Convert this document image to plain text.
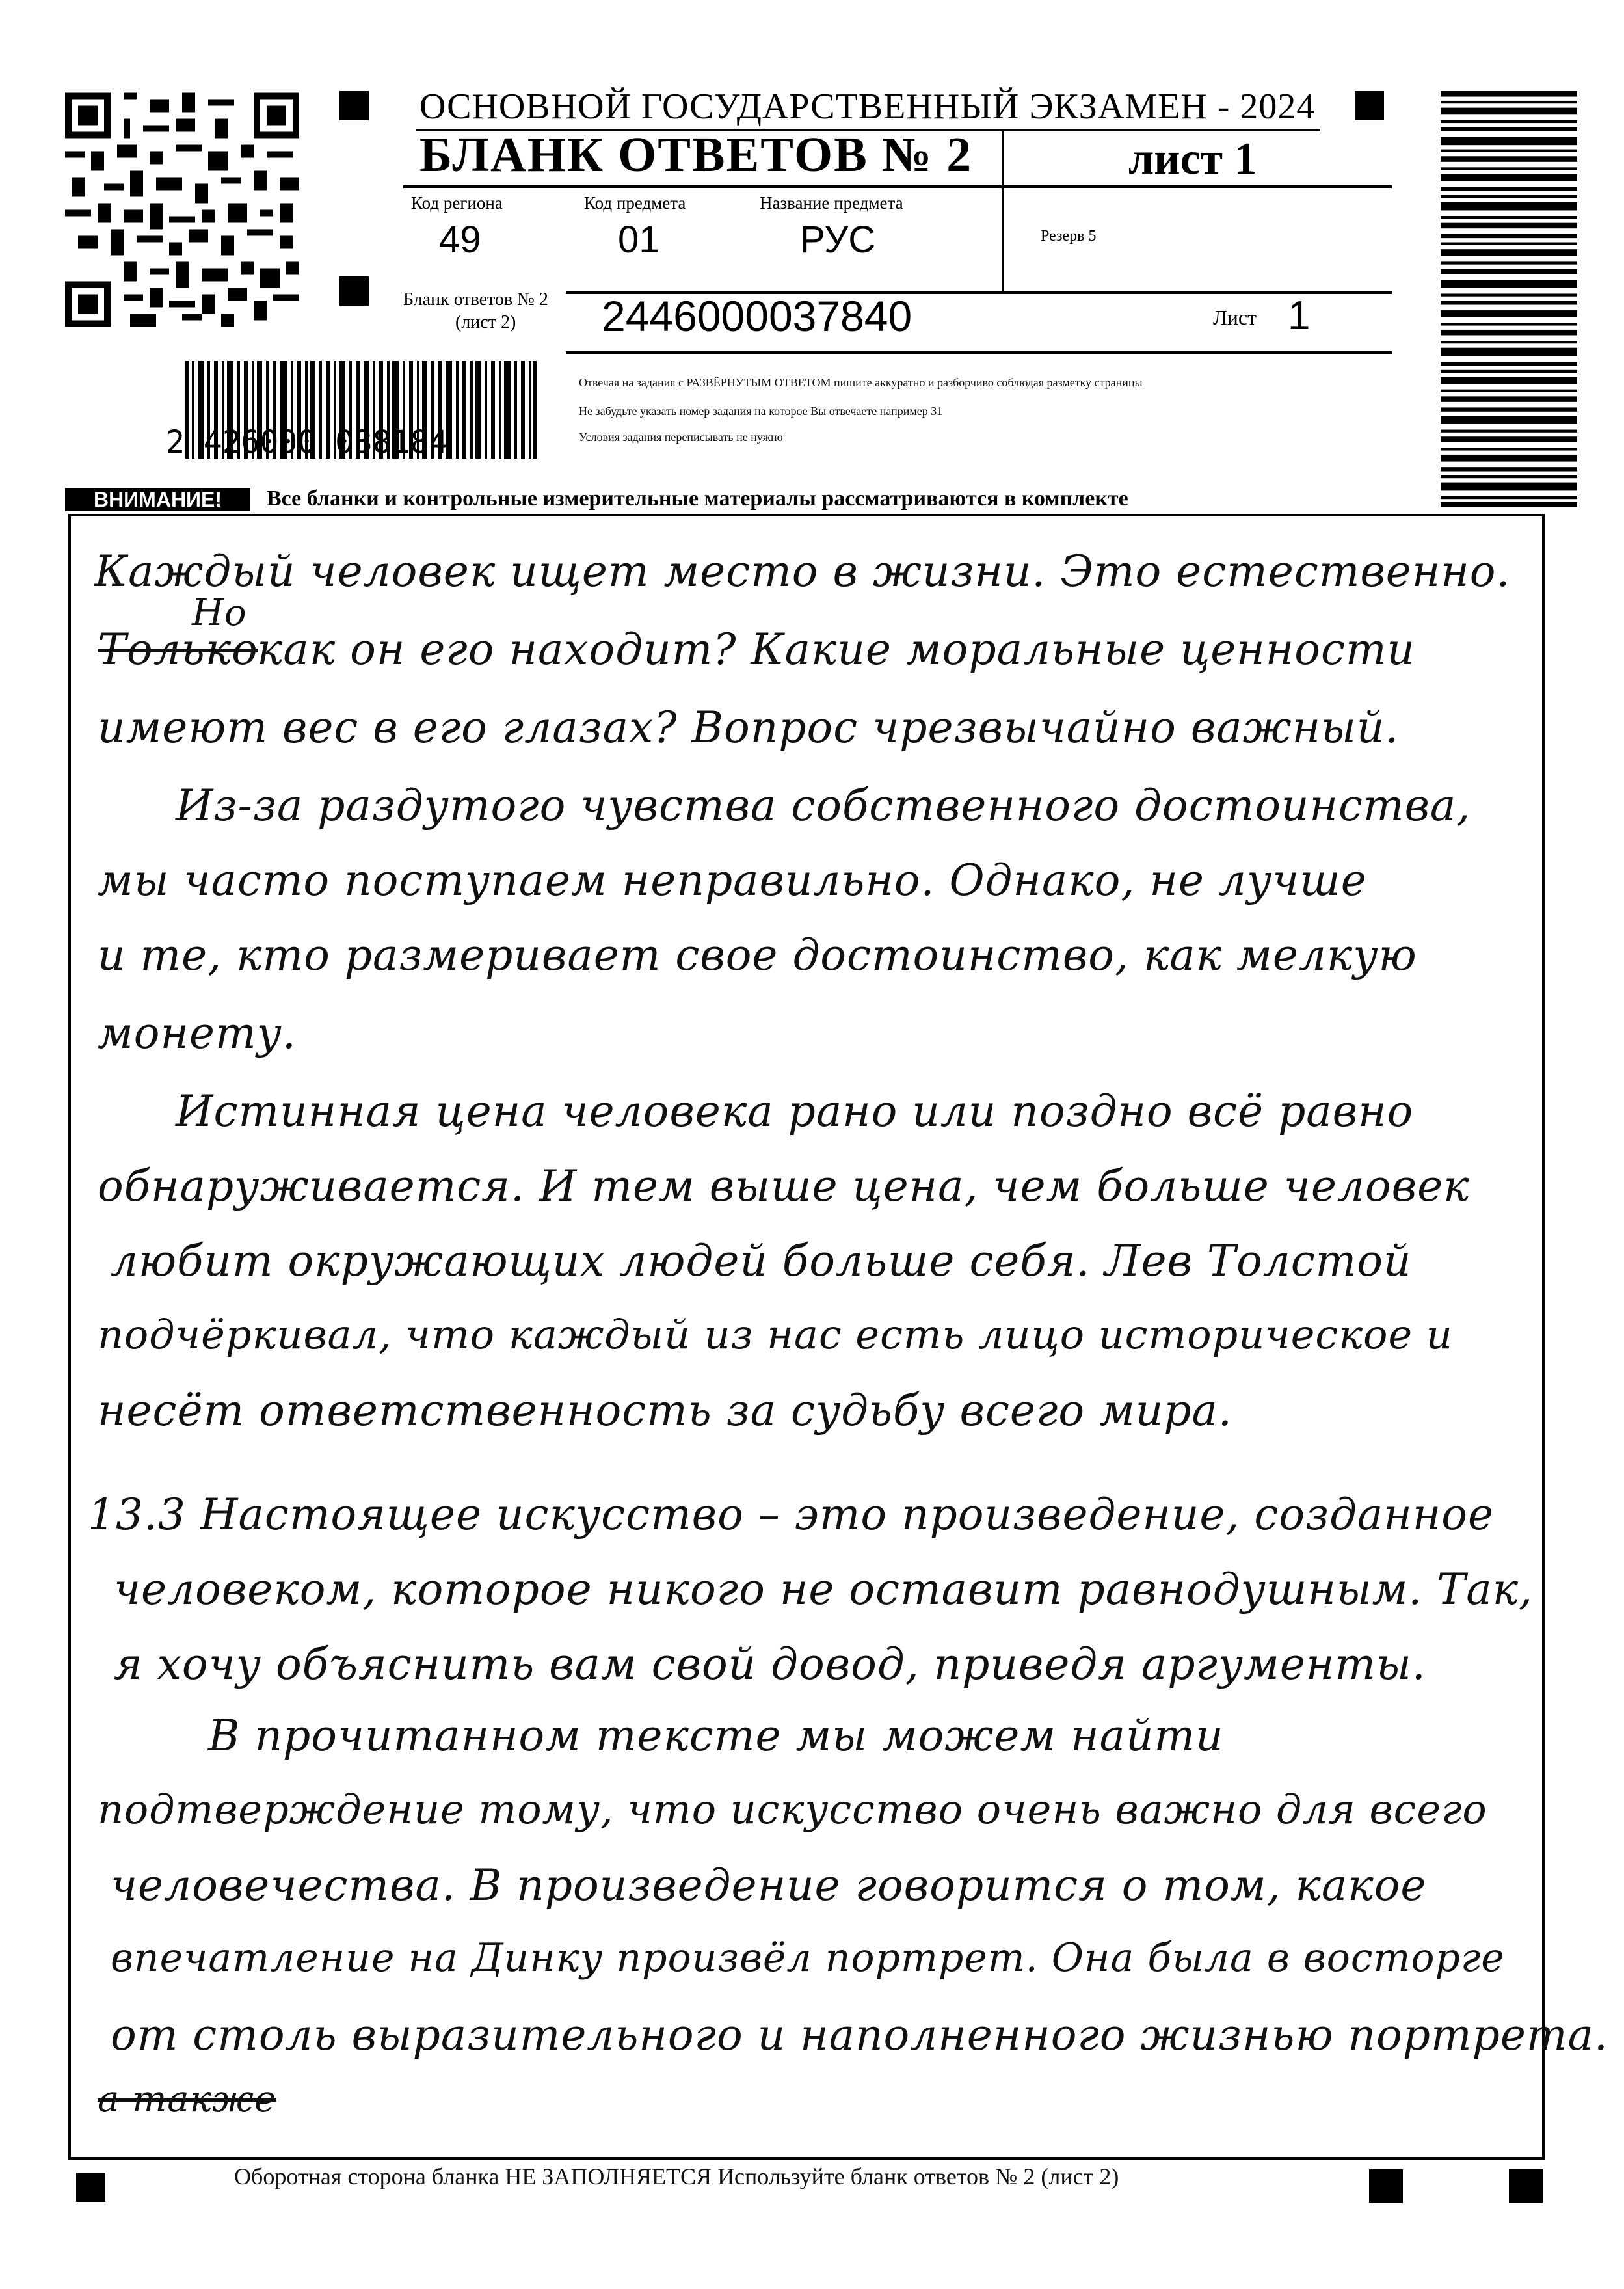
2 426000 038184
ОСНОВНОЙ ГОСУДАРСТВЕННЫЙ ЭКЗАМЕН - 2024
БЛАНК ОТВЕТОВ № 2	лист 1
Код региона	Код предмета	Название предмета
49	01	РУС	Резерв 5
Бланк ответов № 2
(лист 2) 2446000037840	Лист 1
Отвечая на задания с РАЗВЁРНУТЫМ ОТВЕТОМ пишите аккуратно и разборчиво соблюдая разметку страницы
Не забудьте указать номер задания на которое Вы отвечаете например 31
Условия задания переписывать не нужно
ВНИМАНИЕ!	Все бланки и контрольные измерительные материалы рассматриваются в комплекте
Каждый человек ищет место в жизни. Это естественно.
Но
Только
как он его находит? Какие моральные ценности
имеют вес в его глазах? Вопрос чрезвычайно важный.
Из-за раздутого чувства собственного достоинства,
мы часто поступаем неправильно. Однако, не лучше
и те, кто размеривает свое достоинство, как мелкую
монету.
Истинная цена человека рано или поздно всё равно
обнаруживается. И тем выше цена, чем больше человек
любит окружающих людей больше себя. Лев Толстой
подчёркивал, что каждый из нас есть лицо историческое и
несёт ответственность за судьбу всего мира.
13.3 Настоящее искусство – это произведение, созданное
человеком, которое никого не оставит равнодушным. Так,
я хочу объяснить вам свой довод, приведя аргументы.
В прочитанном тексте мы можем найти
подтверждение тому, что искусство очень важно для всего
человечества. В произведение говорится о том, какое
впечатление на Динку произвёл портрет. Она была в восторге
от столь выразительного и наполненного жизнью портрета.
а также
Оборотная сторона бланка НЕ ЗАПОЛНЯЕТСЯ Используйте бланк ответов № 2 (лист 2)
